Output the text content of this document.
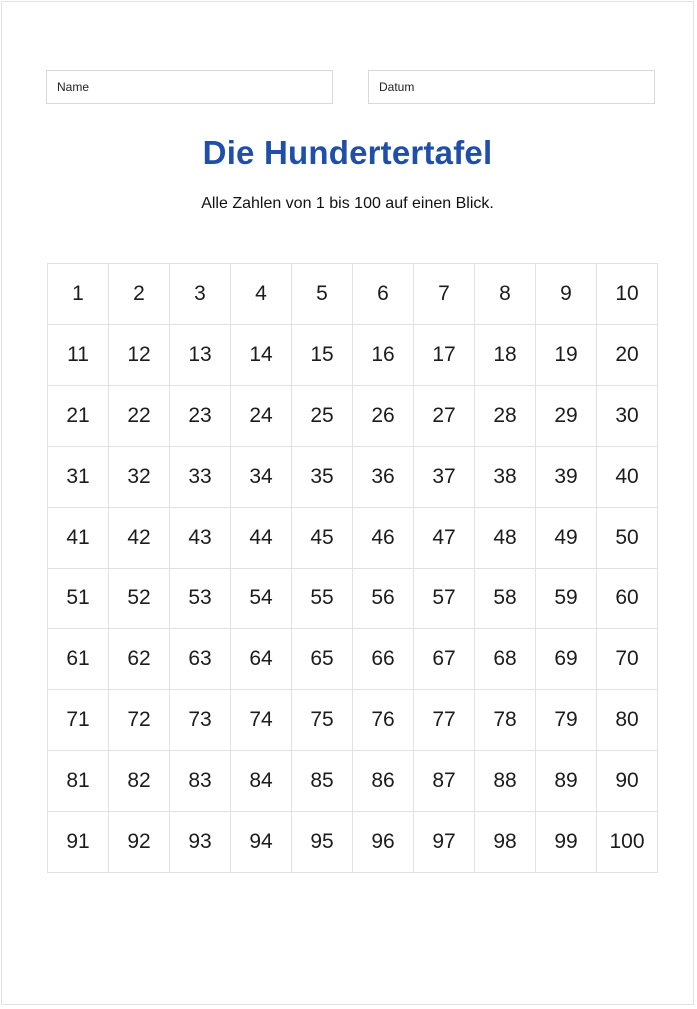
Name	Datum
Die Hundertertafel
Alle Zahlen von 1 bis 100 auf einen Blick.
1	2	3	4	5	6	7	8	9	10
11	12	13	14	15	16	17	18	19	20
21	22	23	24	25	26	27	28	29	30
31	32	33	34	35	36	37	38	39	40
41	42	43	44	45	46	47	48	49	50
51	52	53	54	55	56	57	58	59	60
61	62	63	64	65	66	67	68	69	70
71	72	73	74	75	76	77	78	79	80
81	82	83	84	85	86	87	88	89	90
91	92	93	94	95	96	97	98	99	100
